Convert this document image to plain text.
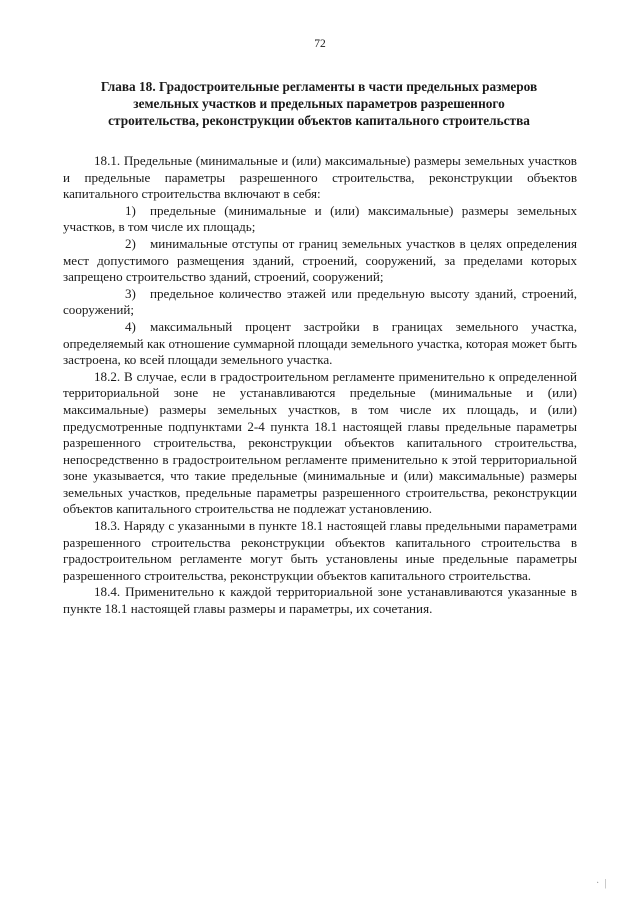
72
Глава 18. Градостроительные регламенты в части предельных размеров
земельных участков и предельных параметров разрешенного
строительства, реконструкции объектов капитального строительства

18.1. Предельные (минимальные и (или) максимальные) размеры земельных участков и предельные параметры разрешенного строительства, реконструкции объектов капитального строительства включают в себя:

1) предельные (минимальные и (или) максимальные) размеры земельных участков, в том числе их площадь;

2) минимальные отступы от границ земельных участков в целях определения мест допустимого размещения зданий, строений, сооружений, за пределами которых запрещено строительство зданий, строений, сооружений;

3) предельное количество этажей или предельную высоту зданий, строений, сооружений;

4) максимальный процент застройки в границах земельного участка, определяемый как отношение суммарной площади земельного участка, которая может быть застроена, ко всей площади земельного участка.

18.2. В случае, если в градостроительном регламенте применительно к определенной территориальной зоне не устанавливаются предельные (минимальные и (или) максимальные) размеры земельных участков, в том числе их площадь, и (или) предусмотренные подпунктами 2-4 пункта 18.1 настоящей главы предельные параметры разрешенного строительства, реконструкции объектов капитального строительства, непосредственно в градостроительном регламенте применительно к этой территориальной зоне указывается, что такие предельные (минимальные и (или) максимальные) размеры земельных участков, предельные параметры разрешенного строительства, реконструкции объектов капитального строительства не подлежат установлению.

18.3. Наряду с указанными в пункте 18.1 настоящей главы предельными параметрами разрешенного строительства реконструкции объектов капитального строительства в градостроительном регламенте могут быть установлены иные предельные параметры разрешенного строительства, реконструкции объектов капитального строительства.

18.4. Применительно к каждой территориальной зоне устанавливаются указанные в пункте 18.1 настоящей главы размеры и параметры, их сочетания.

·  |
